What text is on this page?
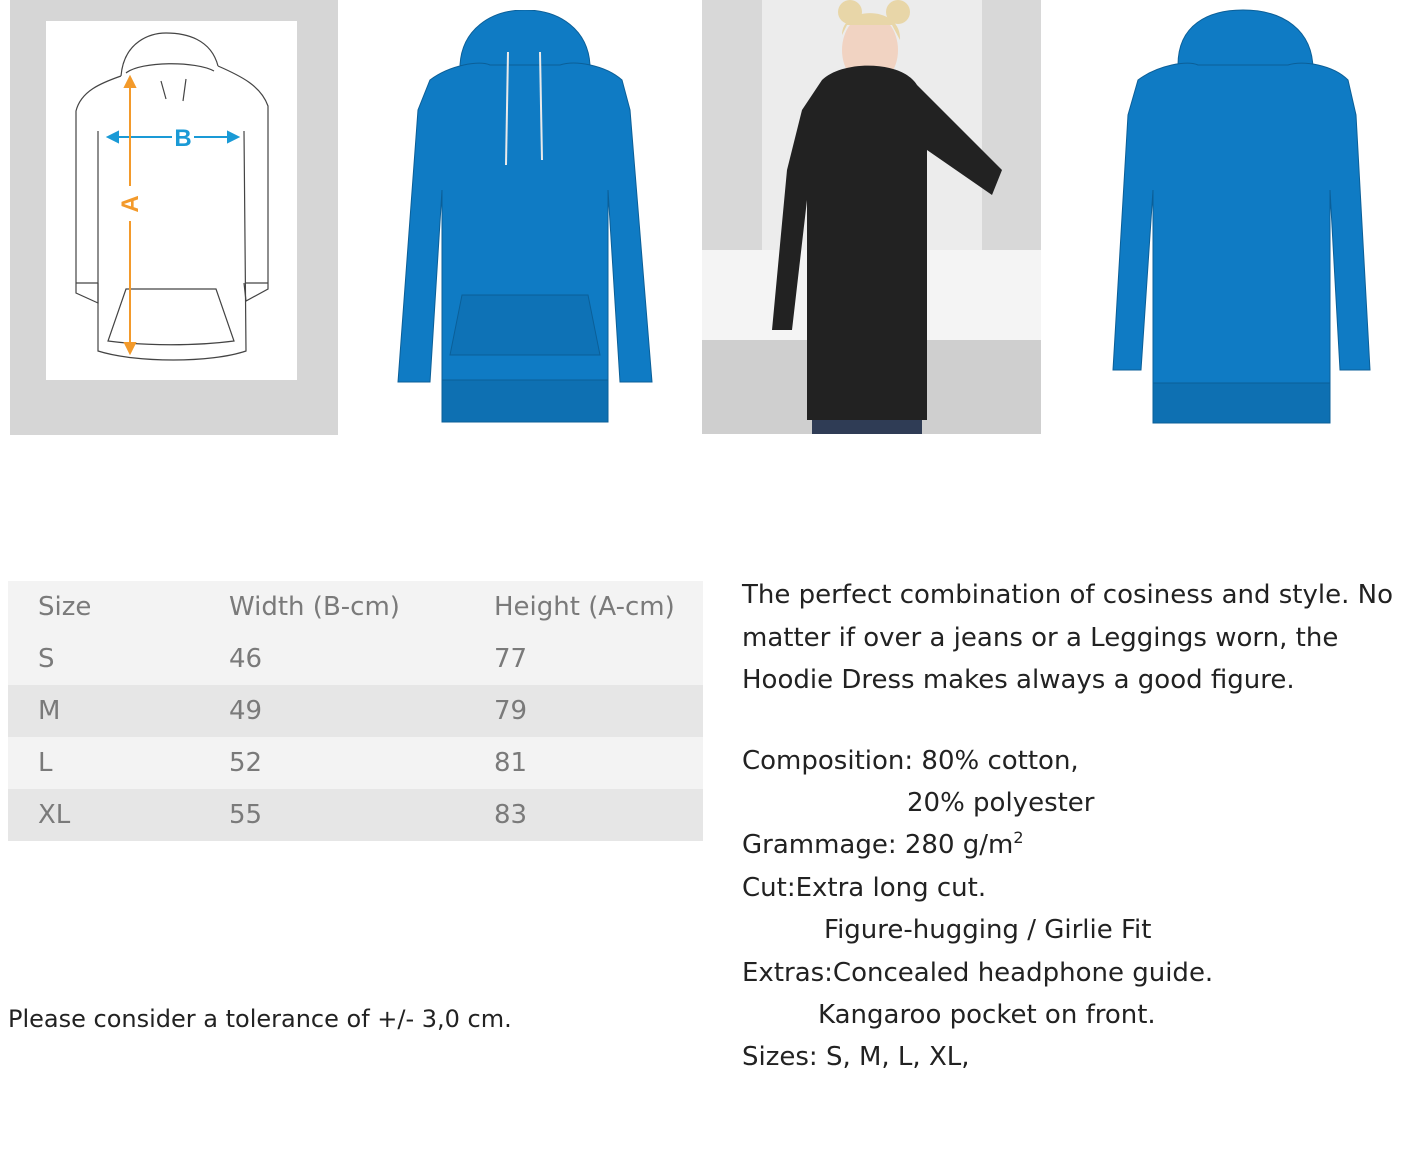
B
A
Size	Width (B-cm)	Height (A-cm)
S	46	77
M	49	79
L	52	81
XL	55	83
Please consider a tolerance of +/- 3,0 cm.

The perfect combination of cosiness and style. No matter if over a jeans or a Leggings worn, the Hoodie Dress makes always a good figure.

Composition: 80% cotton,
20% polyester
Grammage: 280 $g/m^2$
Cut:Extra long cut.
Figure-hugging / Girlie Fit
Extras:Concealed headphone guide.
Kangaroo pocket on front.
Sizes: S, M, L, XL,
